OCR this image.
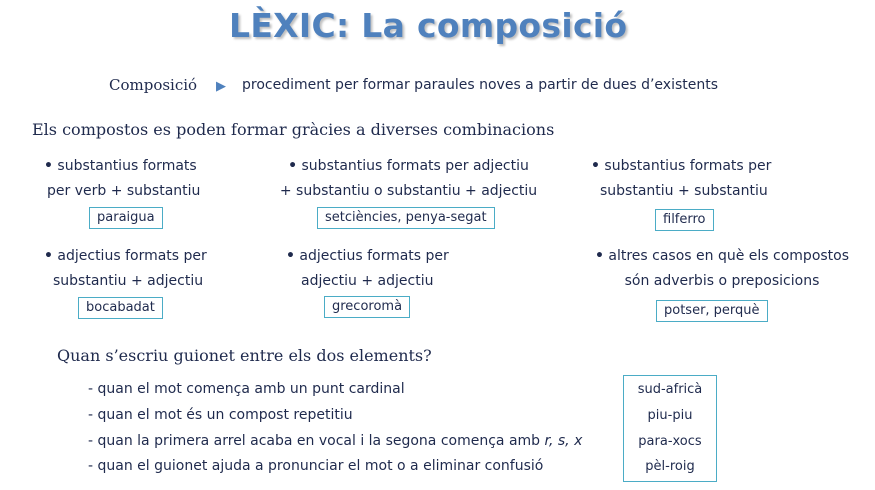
LÈXIC: La composició
Composició ▶ procediment per formar paraules noves a partir de dues d’existents
Els compostos es poden formar gràcies a diverses combinacions
• substantius formats
per verb + substantiu
paraigua
• substantius formats per adjectiu
+ substantiu o substantiu + adjectiu
setciències, penya-segat
• substantius formats per
substantiu + substantiu
filferro
• adjectius formats per
substantiu + adjectiu
bocabadat
• adjectius formats per
adjectiu + adjectiu
grecoromà
• altres casos en què els compostos
són adverbis o preposicions
potser, perquè
Quan s’escriu guionet entre els dos elements?
- quan el mot comença amb un punt cardinal
- quan el mot és un compost repetitiu
- quan la primera arrel acaba en vocal i la segona comença amb r, s, x
- quan el guionet ajuda a pronunciar el mot o a eliminar confusió
sud-africà
piu-piu
para-xocs
pèl-roig
